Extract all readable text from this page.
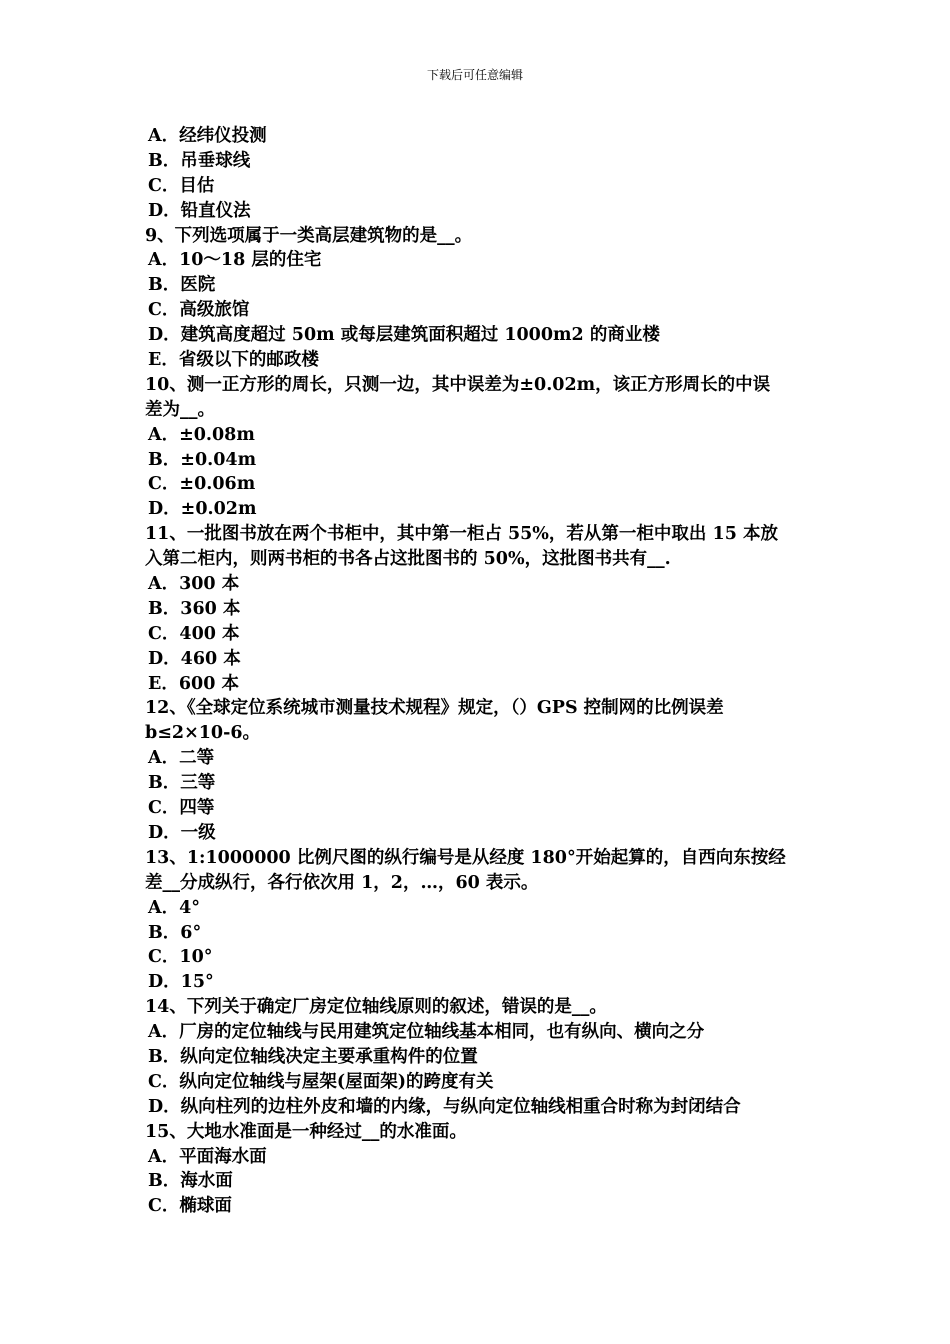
下载后可任意编辑
A．经纬仪投测
B．吊垂球线
C．目估
D．铅直仪法
9、下列选项属于一类高层建筑物的是__。
A．10～18 层的住宅
B．医院
C．高级旅馆
D．建筑高度超过 50m 或每层建筑面积超过 1000m2 的商业楼
E．省级以下的邮政楼
10、测一正方形的周长，只测一边，其中误差为±0.02m，该正方形周长的中误
差为__。
A．±0.08m
B．±0.04m
C．±0.06m
D．±0.02m
11、一批图书放在两个书柜中，其中第一柜占 55%，若从第一柜中取出 15 本放
入第二柜内，则两书柜的书各占这批图书的 50%，这批图书共有__.
A．300 本
B．360 本
C．400 本
D．460 本
E．600 本
12、《全球定位系统城市测量技术规程》规定，（）GPS 控制网的比例误差
b≤2×10-6。
A．二等
B．三等
C．四等
D．一级
13、1:1000000 比例尺图的纵行编号是从经度 180°开始起算的，自西向东按经
差__分成纵行，各行依次用 1，2，…，60 表示。
A．4°
B．6°
C．10°
D．15°
14、下列关于确定厂房定位轴线原则的叙述，错误的是__。
A．厂房的定位轴线与民用建筑定位轴线基本相同，也有纵向、横向之分
B．纵向定位轴线决定主要承重构件的位置
C．纵向定位轴线与屋架(屋面架)的跨度有关
D．纵向柱列的边柱外皮和墙的内缘，与纵向定位轴线相重合时称为封闭结合
15、大地水准面是一种经过__的水准面。
A．平面海水面
B．海水面
C．椭球面
